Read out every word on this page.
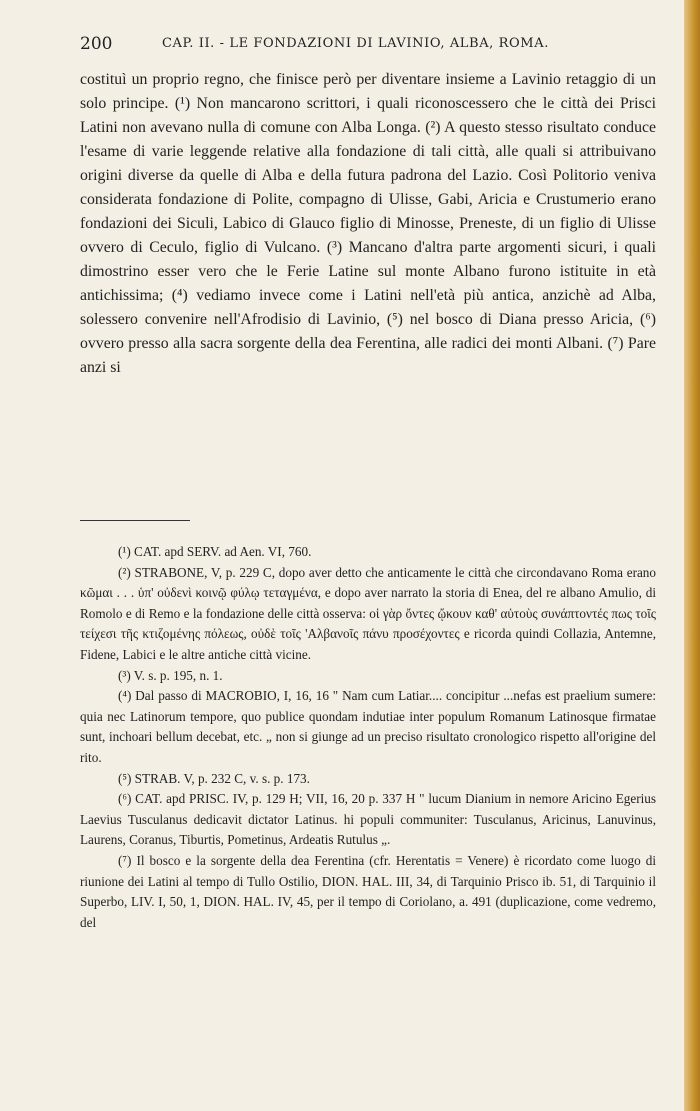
200	CAP. II. - LE FONDAZIONI DI LAVINIO, ALBA, ROMA.

costituì un proprio regno, che finisce però per diventare insieme a Lavinio retaggio di un solo principe. (¹) Non mancarono scrittori, i quali riconoscessero che le città dei Prisci Latini non avevano nulla di comune con Alba Longa. (²) A questo stesso risultato conduce l'esame di varie leggende relative alla fondazione di tali città, alle quali si attribuivano origini diverse da quelle di Alba e della futura padrona del Lazio. Così Politorio veniva considerata fondazione di Polite, compagno di Ulisse, Gabi, Aricia e Crustumerio erano fondazioni dei Siculi, Labico di Glauco figlio di Minosse, Preneste, di un figlio di Ulisse ovvero di Ceculo, figlio di Vulcano. (³) Mancano d'altra parte argomenti sicuri, i quali dimostrino esser vero che le Ferie Latine sul monte Albano furono istituite in età antichissima; (⁴) vediamo invece come i Latini nell'età più antica, anzichè ad Alba, solessero convenire nell'Afrodisio di Lavinio, (⁵) nel bosco di Diana presso Aricia, (⁶) ovvero presso alla sacra sorgente della dea Ferentina, alle radici dei monti Albani. (⁷) Pare anzi si

(¹) CAT. apd SERV. ad Aen. VI, 760.

(²) STRABONE, V, p. 229 C, dopo aver detto che anticamente le città che circondavano Roma erano κῶμαι . . . ὑπ' οὐδενὶ κοινῷ φύλῳ τεταγμένα, e dopo aver narrato la storia di Enea, del re albano Amulio, di Romolo e di Remo e la fondazione delle città osserva: οἱ γὰρ ὄντες ᾤκουν καθ' αὑτοὺς συνάπτοντές πως τοῖς τείχεσι τῆς κτιζομένης πόλεως, οὐδὲ τοῖς 'Αλβανοῖς πάνυ προσέχοντες e ricorda quindi Collazia, Antemne, Fidene, Labici e le altre antiche città vicine.

(³) V. s. p. 195, n. 1.

(⁴) Dal passo di MACROBIO, I, 16, 16 " Nam cum Latiar.... concipitur ...nefas est praelium sumere: quia nec Latinorum tempore, quo publice quondam indutiae inter populum Romanum Latinosque firmatae sunt, inchoari bellum decebat, etc. „ non si giunge ad un preciso risultato cronologico rispetto all'origine del rito.

(⁵) STRAB. V, p. 232 C, v. s. p. 173.

(⁶) CAT. apd PRISC. IV, p. 129 H; VII, 16, 20 p. 337 H " lucum Dianium in nemore Aricino Egerius Laevius Tusculanus dedicavit dictator Latinus. hi populi communiter: Tusculanus, Aricinus, Lanuvinus, Laurens, Coranus, Tiburtis, Pometinus, Ardeatis Rutulus „.

(⁷) Il bosco e la sorgente della dea Ferentina (cfr. Herentatis = Venere) è ricordato come luogo di riunione dei Latini al tempo di Tullo Ostilio, DION. HAL. III, 34, di Tarquinio Prisco ib. 51, di Tarquinio il Superbo, LIV. I, 50, 1, DION. HAL. IV, 45, per il tempo di Coriolano, a. 491 (duplicazione, come vedremo, del
